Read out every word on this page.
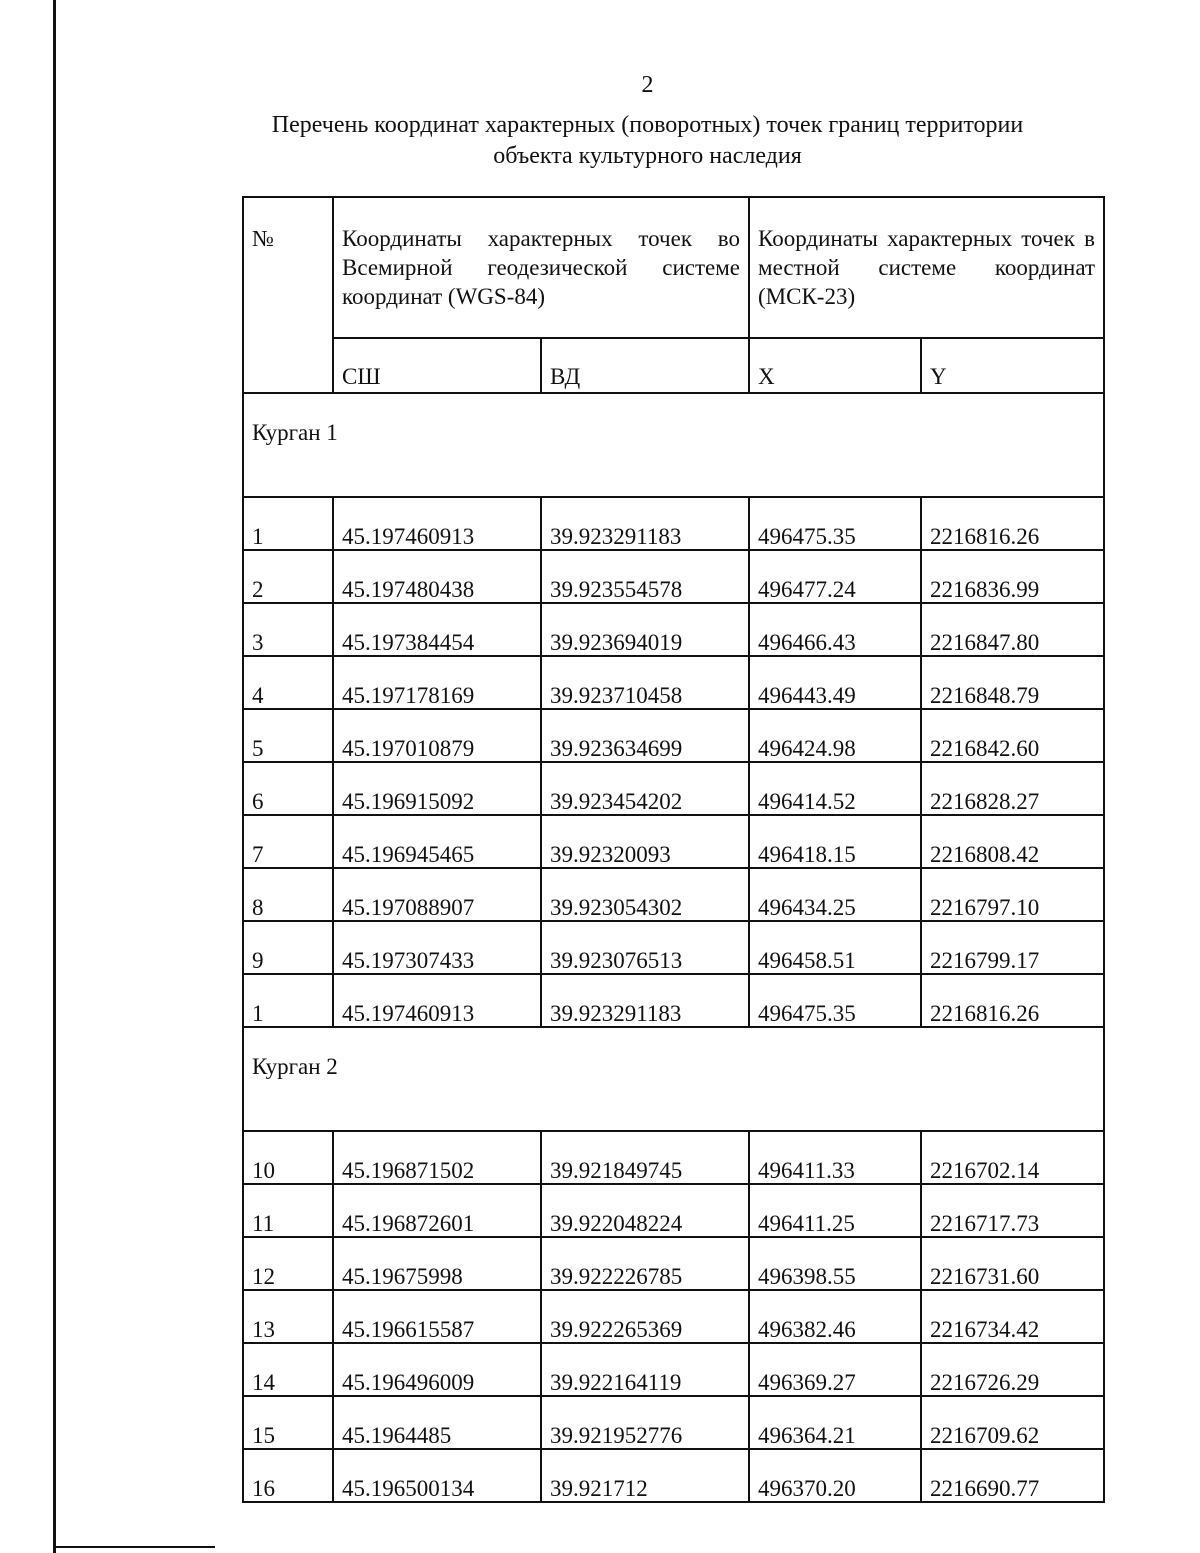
2
Перечень координат характерных (поворотных) точек границ территории
объекта культурного наследия
№	Координаты характерных точек во Всемирной геодезической системе координат (WGS-84)		Координаты характерных точек в местной системе координат (МСК-23)	
	СШ	ВД	X	Y
Курган 1				
1	45.197460913	39.923291183	496475.35	2216816.26
2	45.197480438	39.923554578	496477.24	2216836.99
3	45.197384454	39.923694019	496466.43	2216847.80
4	45.197178169	39.923710458	496443.49	2216848.79
5	45.197010879	39.923634699	496424.98	2216842.60
6	45.196915092	39.923454202	496414.52	2216828.27
7	45.196945465	39.92320093	496418.15	2216808.42
8	45.197088907	39.923054302	496434.25	2216797.10
9	45.197307433	39.923076513	496458.51	2216799.17
1	45.197460913	39.923291183	496475.35	2216816.26
Курган 2				
10	45.196871502	39.921849745	496411.33	2216702.14
11	45.196872601	39.922048224	496411.25	2216717.73
12	45.19675998	39.922226785	496398.55	2216731.60
13	45.196615587	39.922265369	496382.46	2216734.42
14	45.196496009	39.922164119	496369.27	2216726.29
15	45.1964485	39.921952776	496364.21	2216709.62
16	45.196500134	39.921712	496370.20	2216690.77
